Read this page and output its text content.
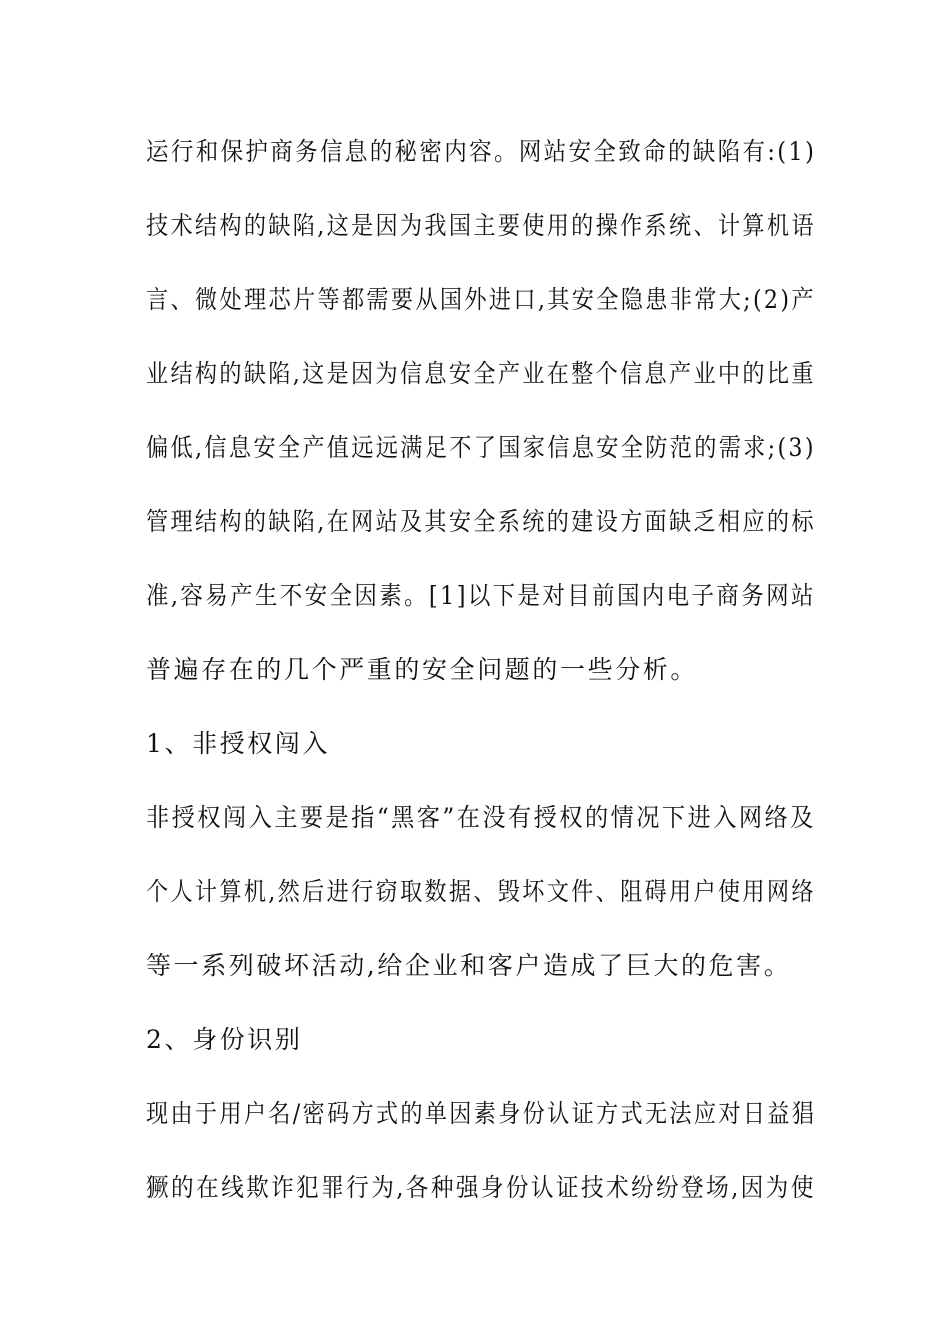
运行和保护商务信息的秘密内容。网站安全致命的缺陷有:(1)
技术结构的缺陷,这是因为我国主要使用的操作系统、计算机语
言、微处理芯片等都需要从国外进口,其安全隐患非常大;(2)产
业结构的缺陷,这是因为信息安全产业在整个信息产业中的比重
偏低,信息安全产值远远满足不了国家信息安全防范的需求;(3)
管理结构的缺陷,在网站及其安全系统的建设方面缺乏相应的标
准,容易产生不安全因素。[1]以下是对目前国内电子商务网站
普遍存在的几个严重的安全问题的一些分析。
1、非授权闯入
非授权闯入主要是指“黑客”在没有授权的情况下进入网络及
个人计算机,然后进行窃取数据、毁坏文件、阻碍用户使用网络
等一系列破坏活动,给企业和客户造成了巨大的危害。
2、身份识别
现由于用户名/密码方式的单因素身份认证方式无法应对日益猖
獗的在线欺诈犯罪行为,各种强身份认证技术纷纷登场,因为使
